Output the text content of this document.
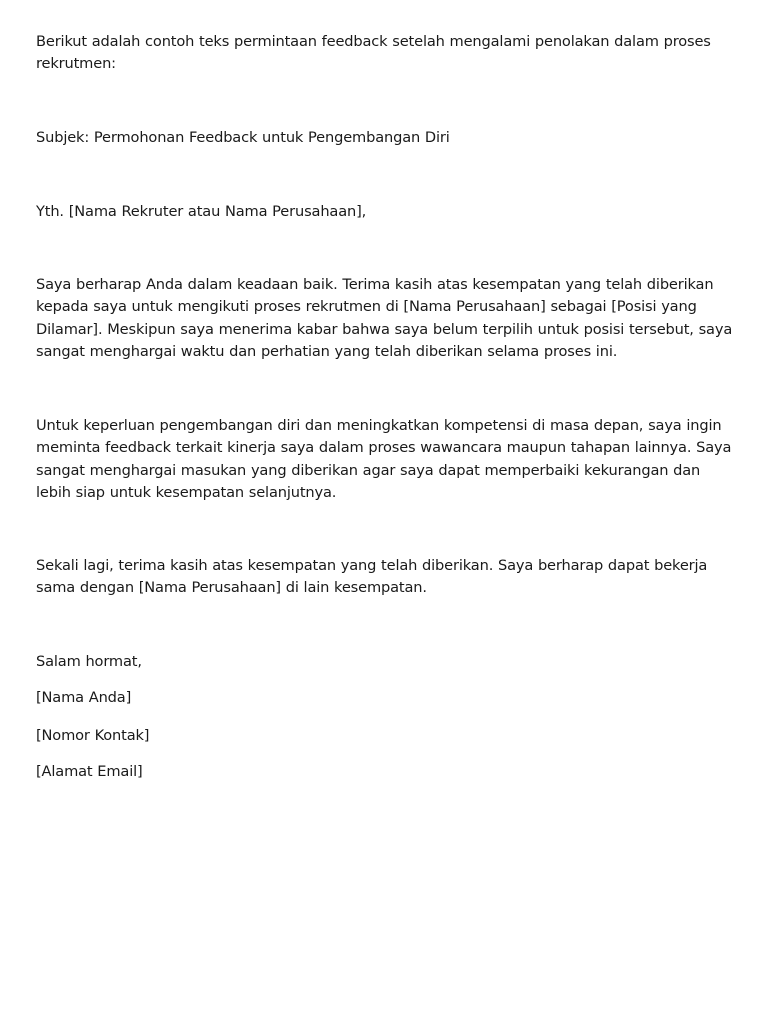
Berikut adalah contoh teks permintaan feedback setelah mengalami penolakan dalam proses rekrutmen:

Subjek: Permohonan Feedback untuk Pengembangan Diri

Yth. [Nama Rekruter atau Nama Perusahaan],

Saya berharap Anda dalam keadaan baik. Terima kasih atas kesempatan yang telah diberikan kepada saya untuk mengikuti proses rekrutmen di [Nama Perusahaan] sebagai [Posisi yang Dilamar]. Meskipun saya menerima kabar bahwa saya belum terpilih untuk posisi tersebut, saya sangat menghargai waktu dan perhatian yang telah diberikan selama proses ini.

Untuk keperluan pengembangan diri dan meningkatkan kompetensi di masa depan, saya ingin meminta feedback terkait kinerja saya dalam proses wawancara maupun tahapan lainnya. Saya sangat menghargai masukan yang diberikan agar saya dapat memperbaiki kekurangan dan lebih siap untuk kesempatan selanjutnya.

Sekali lagi, terima kasih atas kesempatan yang telah diberikan. Saya berharap dapat bekerja sama dengan [Nama Perusahaan] di lain kesempatan.

Salam hormat,

[Nama Anda]

[Nomor Kontak]

[Alamat Email]
